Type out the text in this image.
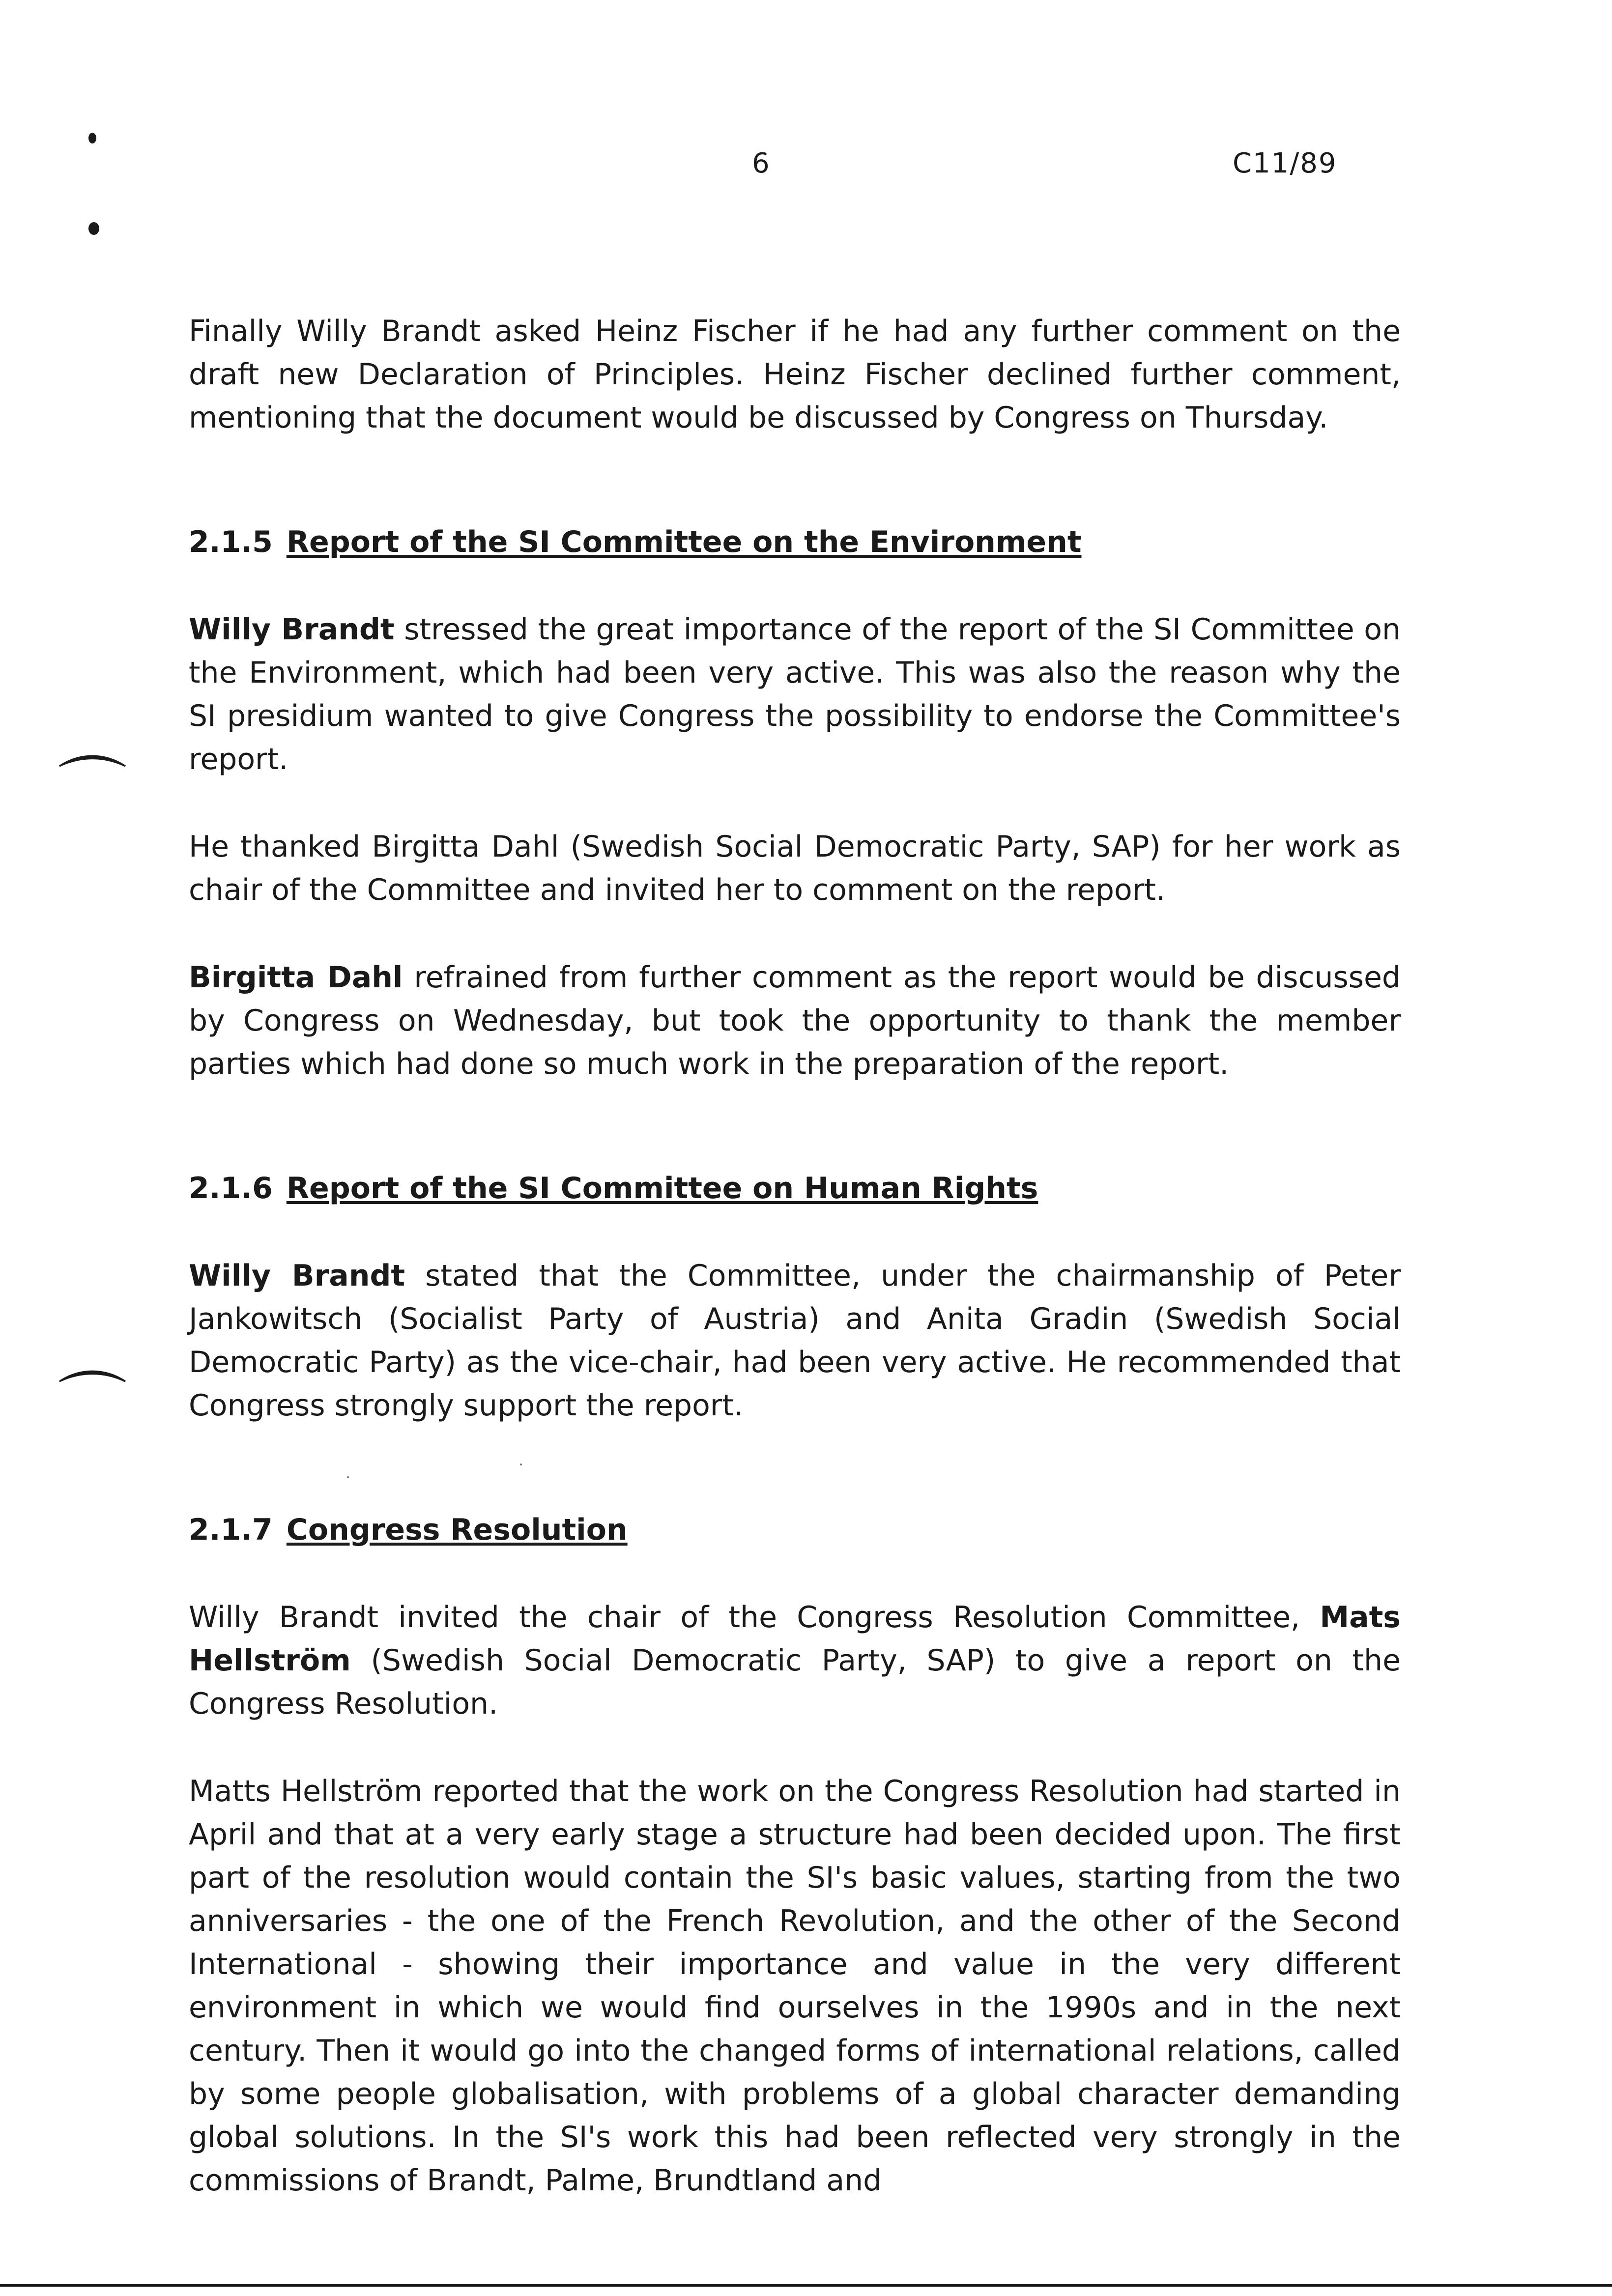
⌒
⌒
6	C11/89

Finally Willy Brandt asked Heinz Fischer if he had any further comment on the draft new Declaration of Principles. Heinz Fischer declined further comment, mentioning that the document would be discussed by Congress on Thursday.

2.1.5 Report of the SI Committee on the Environment

Willy Brandt stressed the great importance of the report of the SI Committee on the Environment, which had been very active. This was also the reason why the SI presidium wanted to give Congress the possibility to endorse the Committee's report.

He thanked Birgitta Dahl (Swedish Social Democratic Party, SAP) for her work as chair of the Committee and invited her to comment on the report.

Birgitta Dahl refrained from further comment as the report would be discussed by Congress on Wednesday, but took the opportunity to thank the member parties which had done so much work in the preparation of the report.

2.1.6 Report of the SI Committee on Human Rights

Willy Brandt stated that the Committee, under the chairmanship of Peter Jankowitsch (Socialist Party of Austria) and Anita Gradin (Swedish Social Democratic Party) as the vice-chair, had been very active. He recommended that Congress strongly support the report.

2.1.7 Congress Resolution

Willy Brandt invited the chair of the Congress Resolution Committee, Mats Hellström (Swedish Social Democratic Party, SAP) to give a report on the Congress Resolution.

Matts Hellström reported that the work on the Congress Resolution had started in April and that at a very early stage a structure had been decided upon. The first part of the resolution would contain the SI's basic values, starting from the two anniversaries - the one of the French Revolution, and the other of the Second International - showing their importance and value in the very different environment in which we would find ourselves in the 1990s and in the next century. Then it would go into the changed forms of international relations, called by some people globalisation, with problems of a global character demanding global solutions. In the SI's work this had been reflected very strongly in the commissions of Brandt, Palme, Brundtland and
